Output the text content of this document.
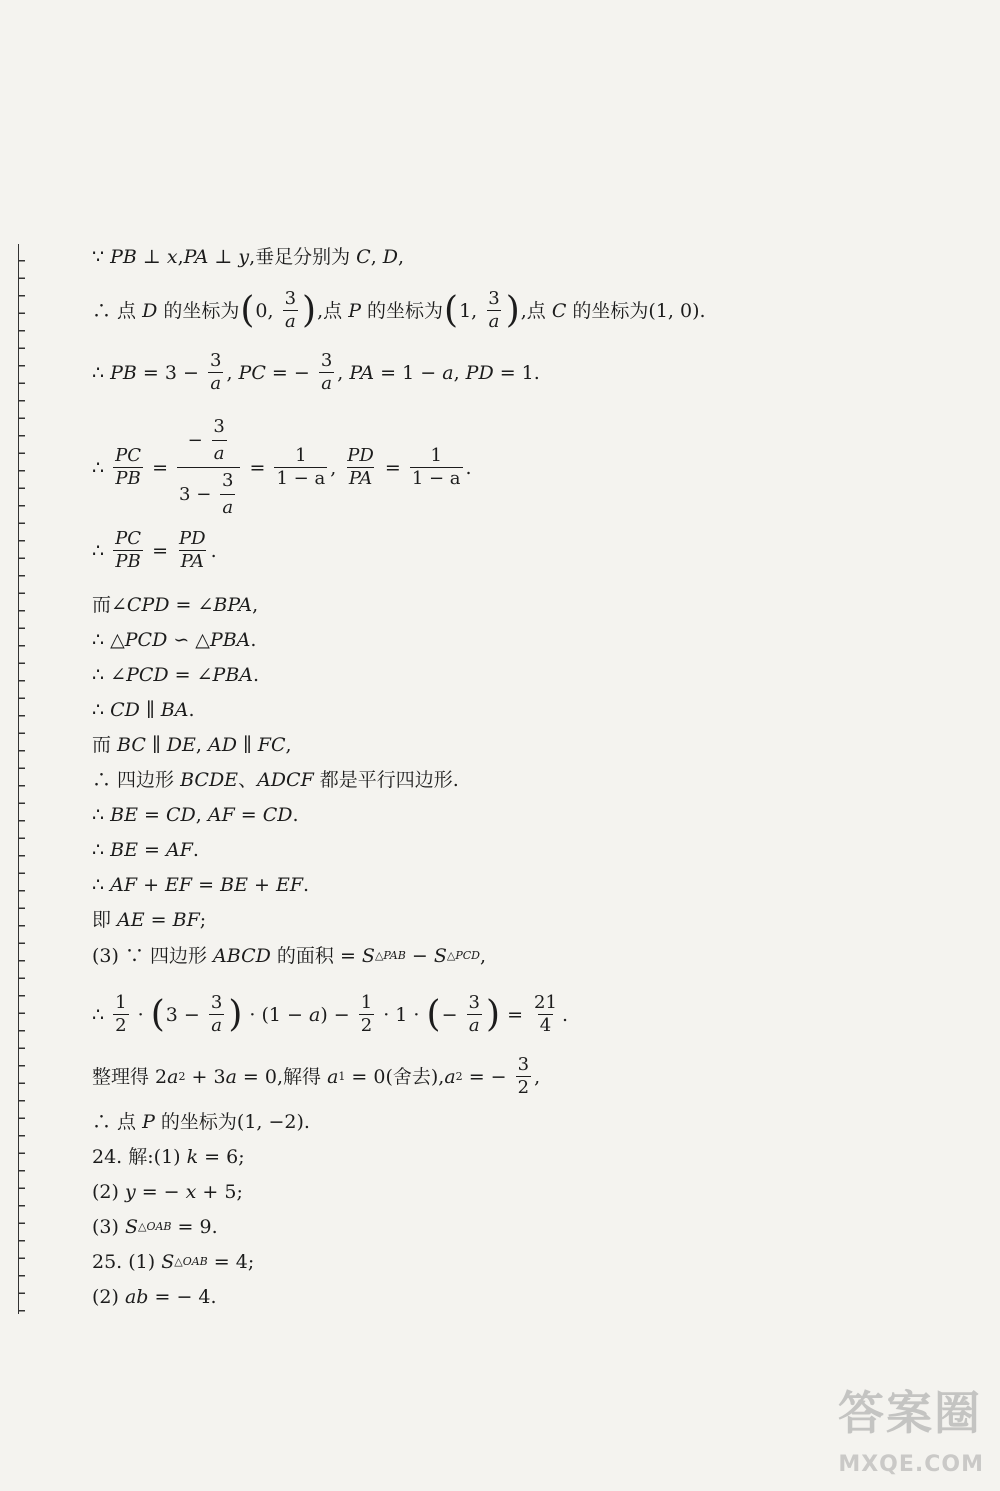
∵ PB ⊥ x , PA ⊥ y ,垂足分别为 C , D ,
∴ 点 D 的坐标为 ( 0, $\frac{3}{a}$ ) ,点 P 的坐标为 ( 1, $\frac{3}{a}$ ) ,点 C 的坐标为(1, 0).
∴ PB = $3 - \frac{3}{a}$ , PC = − $\frac{3}{a}$ , PA = 1 − a , PD = 1.
∴ $\frac{PC}{PB} = \frac{- \frac{3}{a}}{3 - \frac{3}{a}} = \frac{1}{1 - a}$ , $\frac{PD}{PA} = \frac{1}{1 - a}$ .
∴ $\frac{PC}{PB} = \frac{PD}{PA}$ .
而∠ CPD = ∠ BPA ,
∴ △ PCD ∽ △ PBA .
∴ ∠ PCD = ∠ PBA .
∴ CD ∥ BA .
而 BC ∥ DE , AD ∥ FC ,
∴ 四边形 BCDE 、 ADCF 都是平行四边形.
∴ BE = CD , AF = CD .
∴ BE = AF .
∴ AF + EF = BE + EF .
即 AE = BF ;
(3) ∵ 四边形 ABCD 的面积 = S △PAB − S △PCD ,
∴ $\frac{1}{2}$ · ( $3 - \frac{3}{a}$ ) · (1 − a ) − $\frac{1}{2} \cdot 1$ · ( − $\frac{3}{a}$ ) = $\frac{21}{4}$ .
整理得 2 a 2 + 3 a = 0,解得 a 1 = 0(舍去), a 2 = − $\frac{3}{2}$ ,
∴ 点 P 的坐标为(1, −2).
24. 解:(1) k = 6;
(2) y = − x + 5;
(3) S △OAB = 9.
25. (1) S △OAB = 4;
(2) ab = − 4.
答案圈
MXQE.COM
